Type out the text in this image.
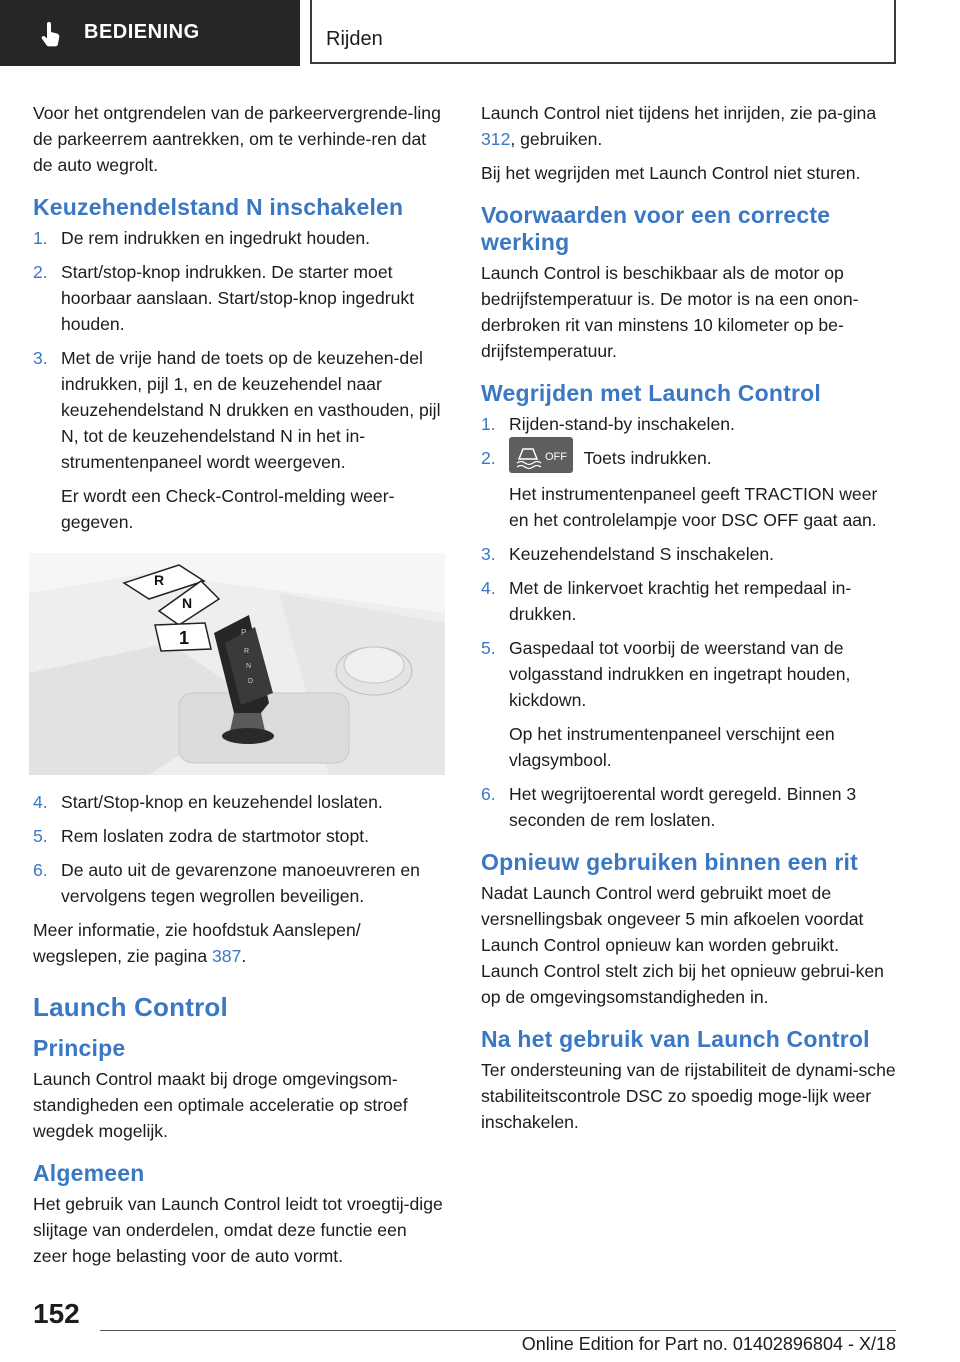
BEDIENING	Rijden

Voor het ontgrendelen van de parkeervergrende-ling de parkeerrem aantrekken, om te verhinde-ren dat de auto wegrolt.

Keuzehendelstand N inschakelen
1. De rem indrukken en ingedrukt houden.
2. Start/stop-knop indrukken. De starter moet hoorbaar aanslaan. Start/stop-knop ingedrukt houden.
3. Met de vrije hand de toets op de keuzehen-del indrukken, pijl 1, en de keuzehendel naar keuzehendelstand N drukken en vasthouden, pijl N, tot de keuzehendelstand N in het in-strumentenpaneel wordt weergeven.
Er wordt een Check-Control-melding weer-gegeven.
P
R
N
D
R
N
1
4. Start/Stop-knop en keuzehendel loslaten.
5. Rem loslaten zodra de startmotor stopt.
6. De auto uit de gevarenzone manoeuvreren en vervolgens tegen wegrollen beveiligen.

Meer informatie, zie hoofdstuk Aanslepen/ wegslepen, zie pagina 387.

Launch Control
Principe

Launch Control maakt bij droge omgevingsom-standigheden een optimale acceleratie op stroef wegdek mogelijk.

Algemeen

Het gebruik van Launch Control leidt tot vroegtij-dige slijtage van onderdelen, omdat deze functie een zeer hoge belasting voor de auto vormt.

Launch Control niet tijdens het inrijden, zie pa-gina 312, gebruiken.

Bij het wegrijden met Launch Control niet sturen.

Voorwaarden voor een correcte werking

Launch Control is beschikbaar als de motor op bedrijfstemperatuur is. De motor is na een onon-derbroken rit van minstens 10 kilometer op be-drijfstemperatuur.

Wegrijden met Launch Control
1. Rijden-stand-by inschakelen.
2.	OFF Toets indrukken.
Het instrumentenpaneel geeft TRACTION weer en het controlelampje voor DSC OFF gaat aan.
3. Keuzehendelstand S inschakelen.
4. Met de linkervoet krachtig het rempedaal in-drukken.
5. Gaspedaal tot voorbij de weerstand van de volgasstand indrukken en ingetrapt houden, kickdown.
Op het instrumentenpaneel verschijnt een vlagsymbool.
6. Het wegrijtoerental wordt geregeld. Binnen 3 seconden de rem loslaten.
Opnieuw gebruiken binnen een rit

Nadat Launch Control werd gebruikt moet de versnellingsbak ongeveer 5 min afkoelen voordat Launch Control opnieuw kan worden gebruikt. Launch Control stelt zich bij het opnieuw gebrui-ken op de omgevingsomstandigheden in.

Na het gebruik van Launch Control

Ter ondersteuning van de rijstabiliteit de dynami-sche stabiliteitscontrole DSC zo spoedig moge-lijk weer inschakelen.

152
Online Edition for Part no. 01402896804 - X/18
